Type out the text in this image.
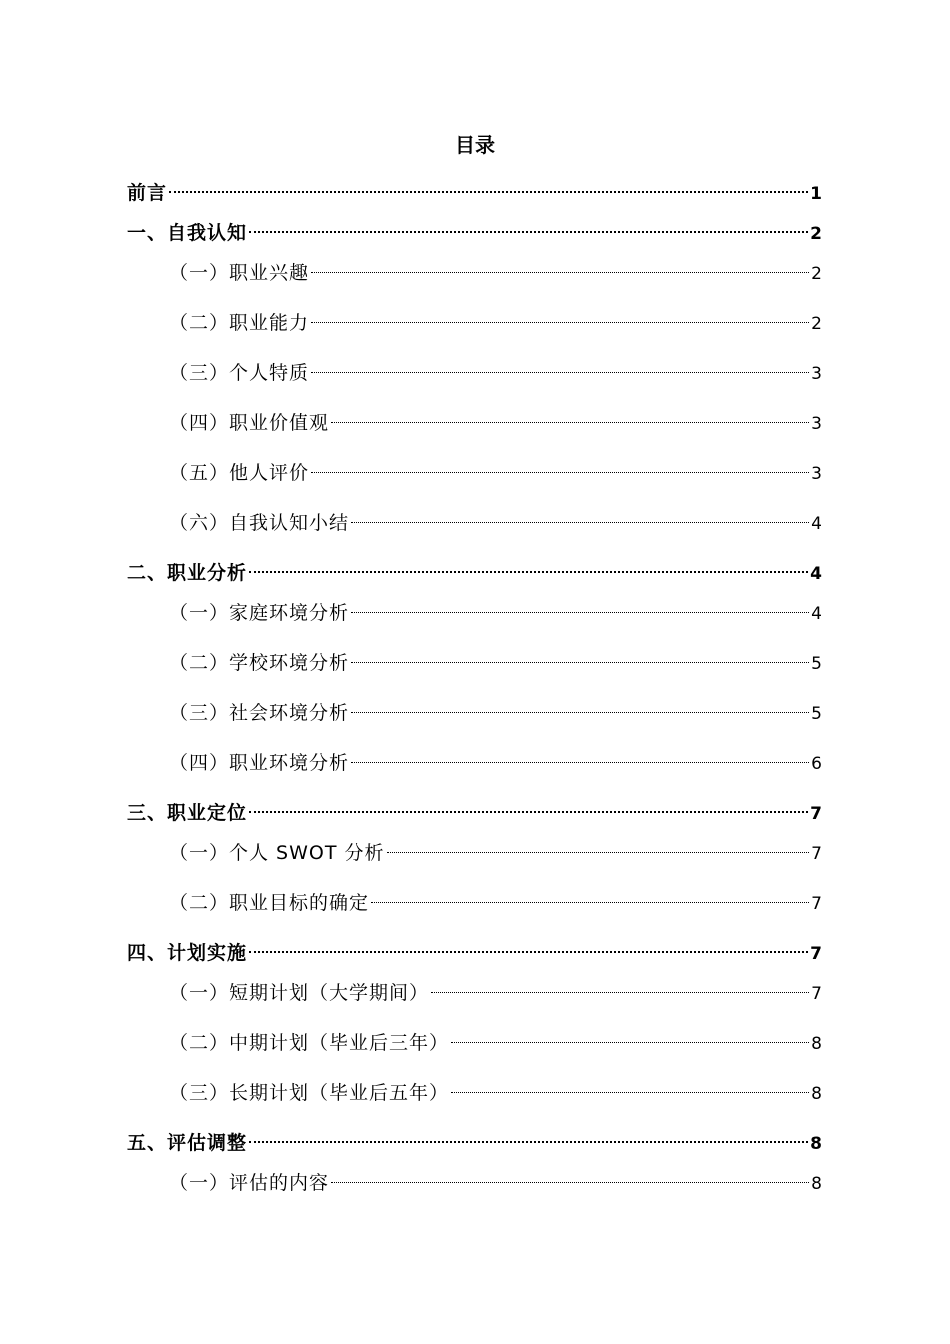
目录
前言	1
一、自我认知	2
（一）职业兴趣	2
（二）职业能力	2
（三）个人特质	3
（四）职业价值观	3
（五）他人评价	3
（六）自我认知小结	4
二、职业分析	4
（一）家庭环境分析	4
（二）学校环境分析	5
（三）社会环境分析	5
（四）职业环境分析	6
三、职业定位	7
（一）个人 SWOT 分析	7
（二）职业目标的确定	7
四、计划实施	7
（一）短期计划（大学期间）	7
（二）中期计划（毕业后三年）	8
（三）长期计划（毕业后五年）	8
五、评估调整	8
（一）评估的内容	8
